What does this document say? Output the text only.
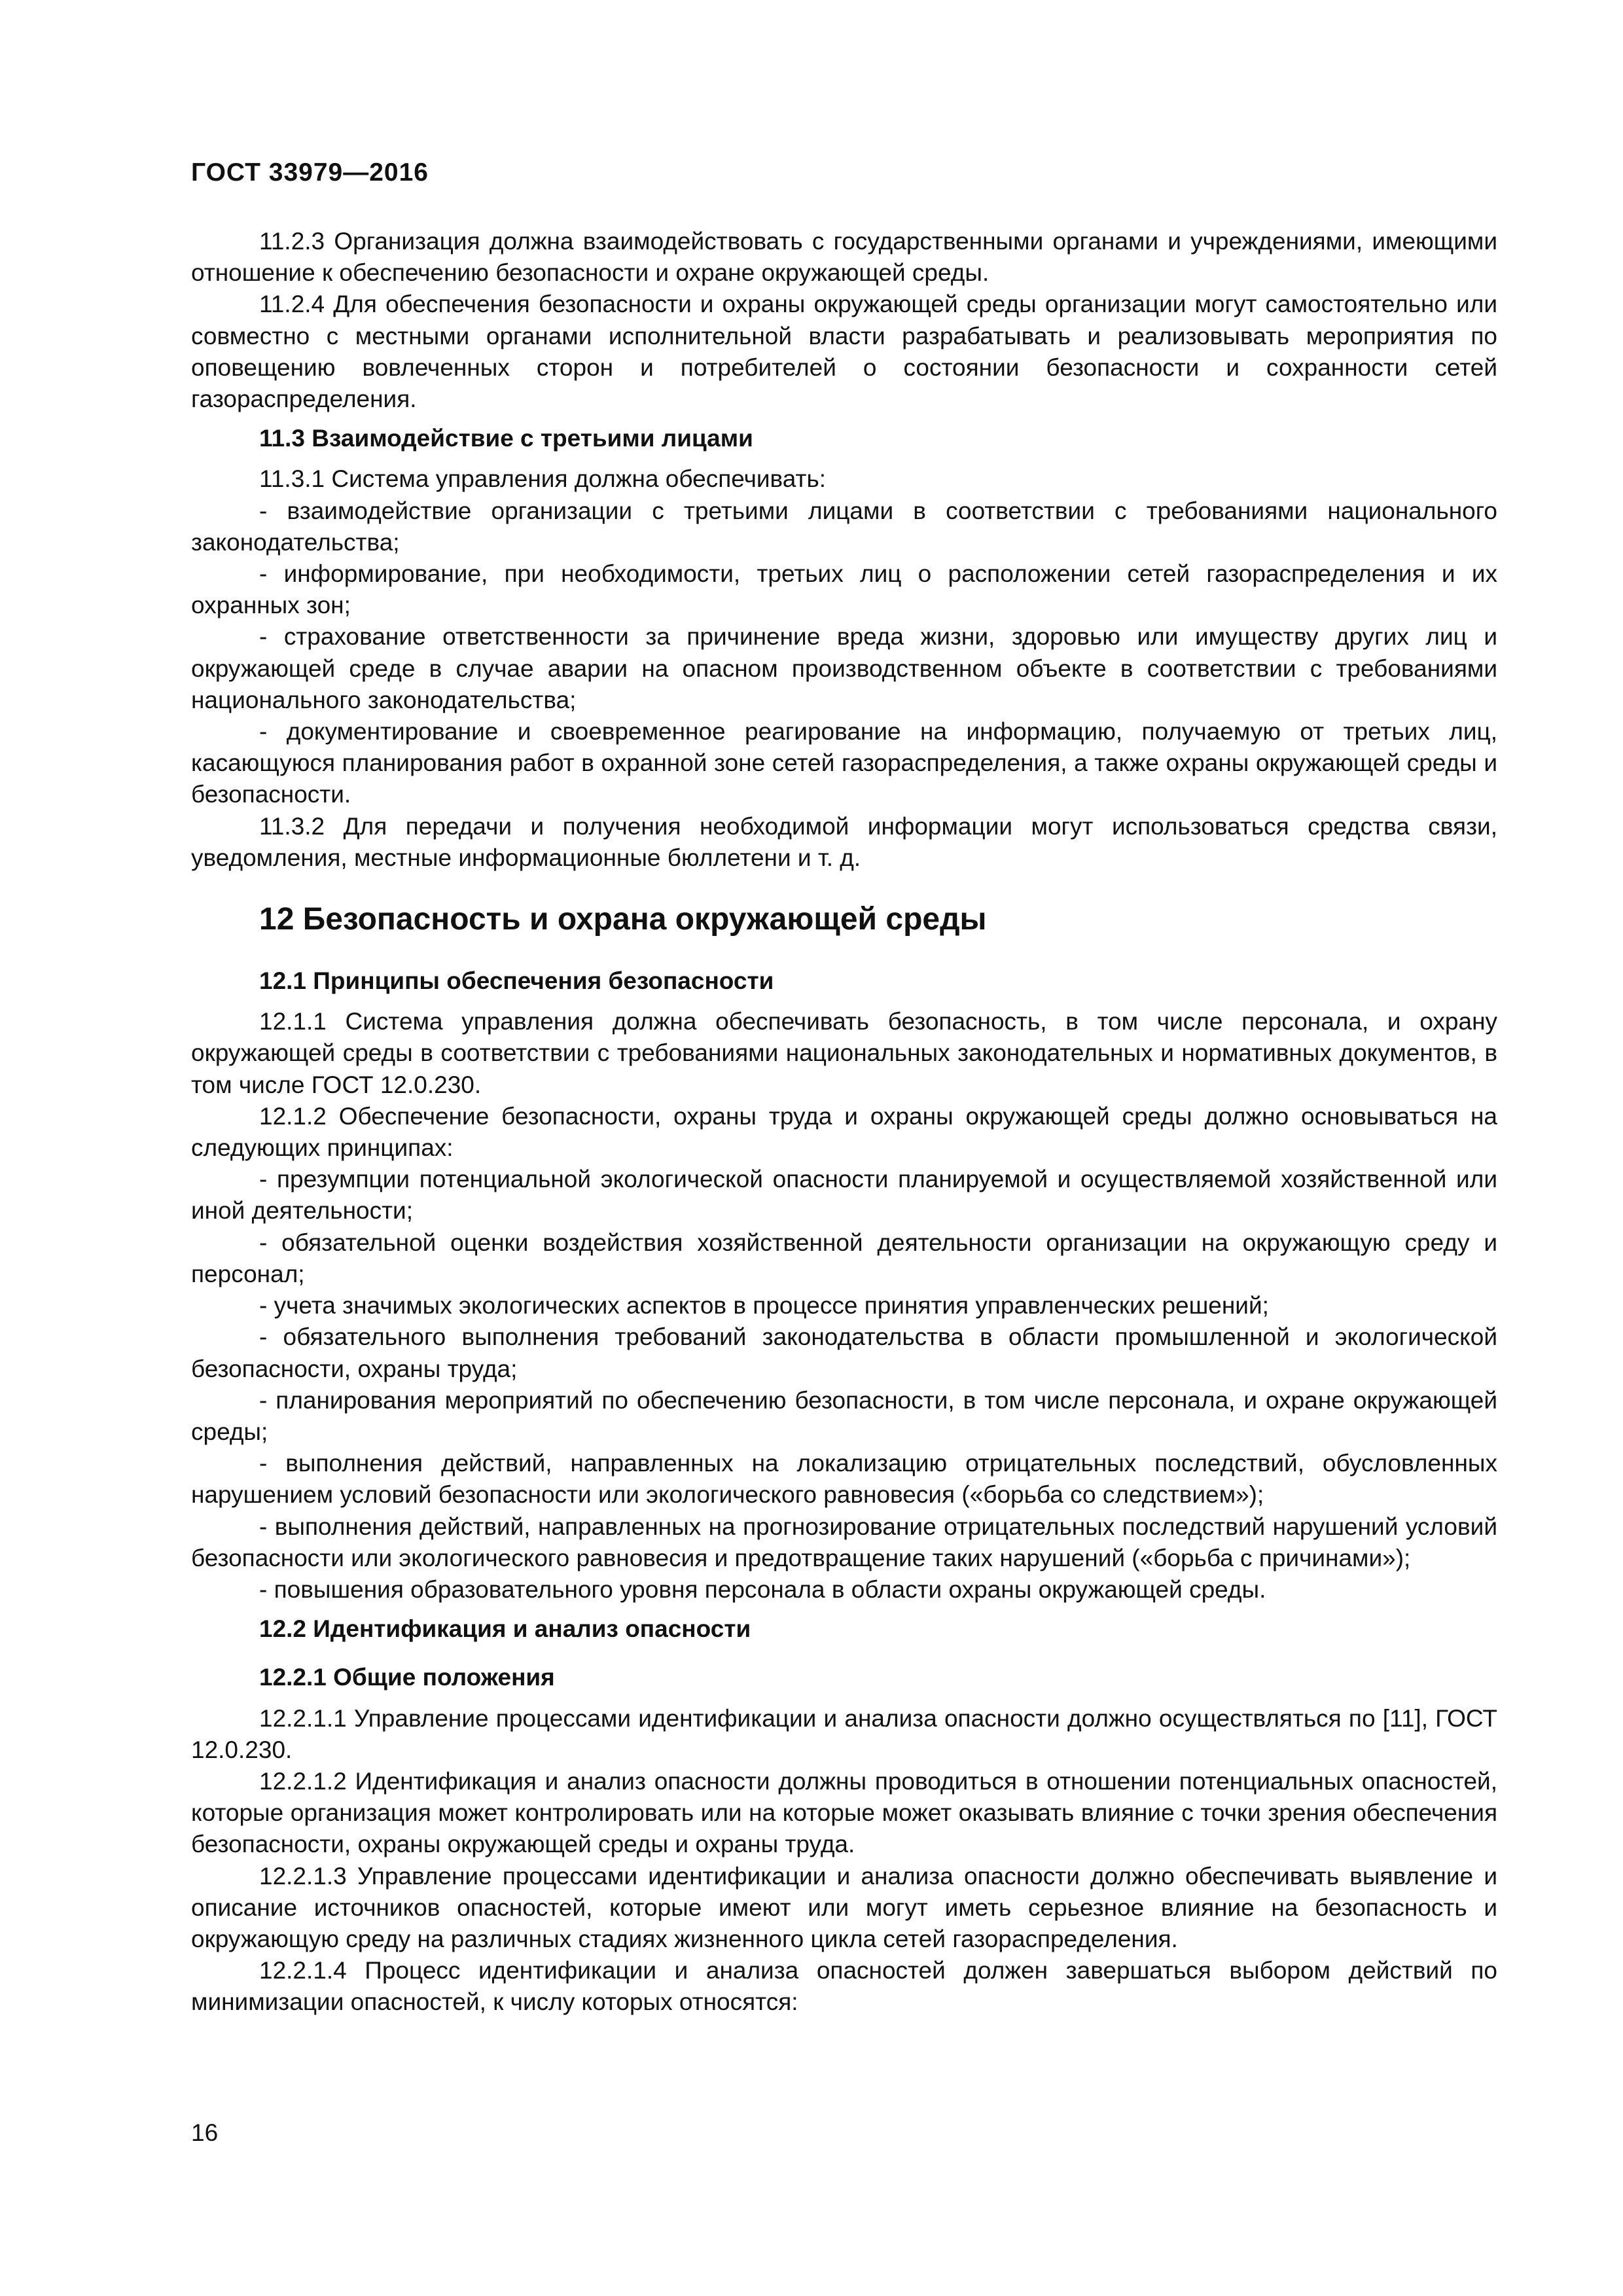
ГОСТ 33979—2016

11.2.3 Организация должна взаимодействовать с государственными органами и учреждениями, имеющими отношение к обеспечению безопасности и охране окружающей среды.

11.2.4 Для обеспечения безопасности и охраны окружающей среды организации могут самостоятельно или совместно с местными органами исполнительной власти разрабатывать и реализовывать мероприятия по оповещению вовлеченных сторон и потребителей о состоянии безопасности и сохранности сетей газораспределения.

11.3 Взаимодействие с третьими лицами

11.3.1 Система управления должна обеспечивать:

- взаимодействие организации с третьими лицами в соответствии с требованиями национального законодательства;

- информирование, при необходимости, третьих лиц о расположении сетей газораспределения и их охранных зон;

- страхование ответственности за причинение вреда жизни, здоровью или имуществу других лиц и окружающей среде в случае аварии на опасном производственном объекте в соответствии с требованиями национального законодательства;

- документирование и своевременное реагирование на информацию, получаемую от третьих лиц, касающуюся планирования работ в охранной зоне сетей газораспределения, а также охраны окружающей среды и безопасности.

11.3.2 Для передачи и получения необходимой информации могут использоваться средства связи, уведомления, местные информационные бюллетени и т. д.

12 Безопасность и охрана окружающей среды
12.1 Принципы обеспечения безопасности

12.1.1 Система управления должна обеспечивать безопасность, в том числе персонала, и охрану окружающей среды в соответствии с требованиями национальных законодательных и нормативных документов, в том числе ГОСТ 12.0.230.

12.1.2 Обеспечение безопасности, охраны труда и охраны окружающей среды должно основываться на следующих принципах:

- презумпции потенциальной экологической опасности планируемой и осуществляемой хозяйственной или иной деятельности;

- обязательной оценки воздействия хозяйственной деятельности организации на окружающую среду и персонал;

- учета значимых экологических аспектов в процессе принятия управленческих решений;

- обязательного выполнения требований законодательства в области промышленной и экологической безопасности, охраны труда;

- планирования мероприятий по обеспечению безопасности, в том числе персонала, и охране окружающей среды;

- выполнения действий, направленных на локализацию отрицательных последствий, обусловленных нарушением условий безопасности или экологического равновесия («борьба со следствием»);

- выполнения действий, направленных на прогнозирование отрицательных последствий нарушений условий безопасности или экологического равновесия и предотвращение таких нарушений («борьба с причинами»);

- повышения образовательного уровня персонала в области охраны окружающей среды.

12.2 Идентификация и анализ опасности
12.2.1 Общие положения

12.2.1.1 Управление процессами идентификации и анализа опасности должно осуществляться по [11], ГОСТ 12.0.230.

12.2.1.2 Идентификация и анализ опасности должны проводиться в отношении потенциальных опасностей, которые организация может контролировать или на которые может оказывать влияние с точки зрения обеспечения безопасности, охраны окружающей среды и охраны труда.

12.2.1.3 Управление процессами идентификации и анализа опасности должно обеспечивать выявление и описание источников опасностей, которые имеют или могут иметь серьезное влияние на безопасность и окружающую среду на различных стадиях жизненного цикла сетей газораспределения.

12.2.1.4 Процесс идентификации и анализа опасностей должен завершаться выбором действий по минимизации опасностей, к числу которых относятся:

16
